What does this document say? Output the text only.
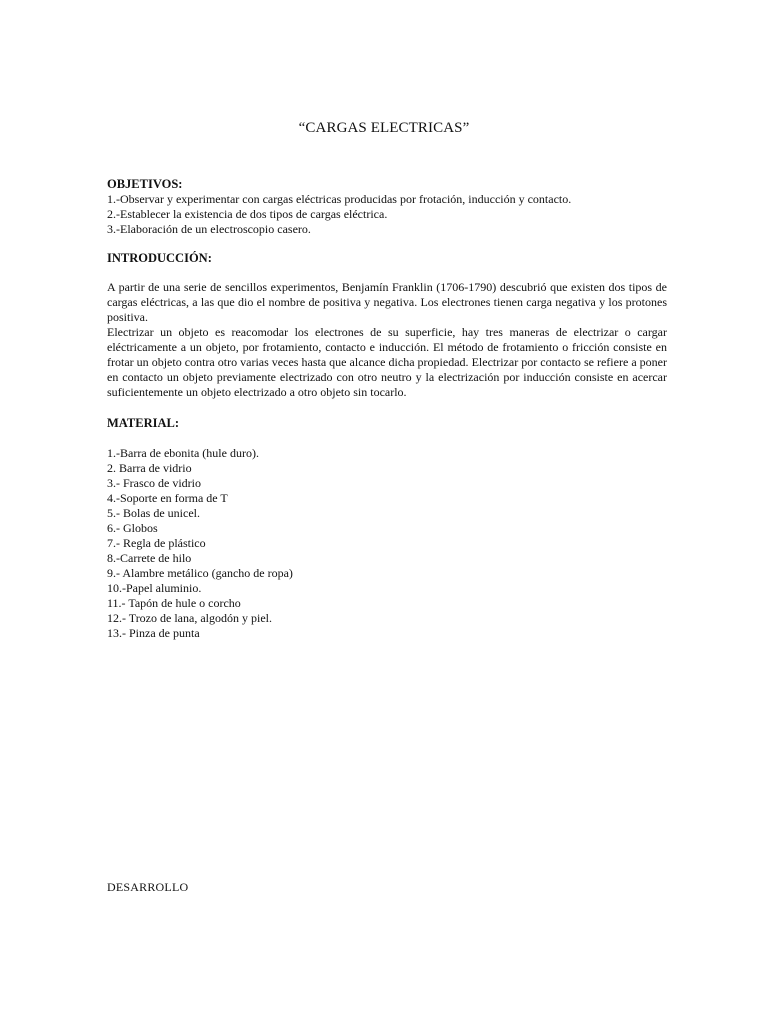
“CARGAS ELECTRICAS”
OBJETIVOS:
1.-Observar y experimentar con cargas eléctricas producidas por frotación, inducción y contacto.
2.-Establecer la existencia de dos tipos de cargas eléctrica.
3.-Elaboración de un electroscopio casero.
INTRODUCCIÓN:

A partir de una serie de sencillos experimentos, Benjamín Franklin (1706-1790) descubrió que existen dos tipos de cargas eléctricas, a las que dio el nombre de positiva y negativa. Los electrones tienen carga negativa y los protones positiva.

Electrizar un objeto es reacomodar los electrones de su superficie, hay tres maneras de electrizar o cargar eléctricamente a un objeto, por frotamiento, contacto e inducción. El método de frotamiento o fricción consiste en frotar un objeto contra otro varias veces hasta que alcance dicha propiedad. Electrizar por contacto se refiere a poner en contacto un objeto previamente electrizado con otro neutro y la electrización por inducción consiste en acercar suficientemente un objeto electrizado a otro objeto sin tocarlo.

MATERIAL:
1.-Barra de ebonita (hule duro).
2. Barra de vidrio
3.- Frasco de vidrio
4.-Soporte en forma de T
5.- Bolas de unicel.
6.- Globos
7.- Regla de plástico
8.-Carrete de hilo
9.- Alambre metálico (gancho de ropa)
10.-Papel aluminio.
11.- Tapón de hule o corcho
12.- Trozo de lana, algodón y piel.
13.- Pinza de punta
DESARROLLO
